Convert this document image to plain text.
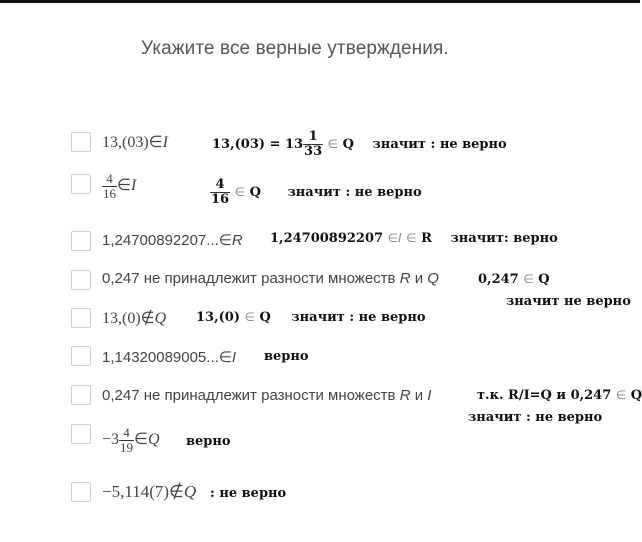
Укажите все верные утверждения.
13,(03)∈I	$13,(03) = 13 \frac{1}{33}$ ∈ Q значит : не верно
$\frac{4}{16}$ ∈I	$\frac{4}{16}$ ∈ Q значит : не верно
1,24700892207...∈R 1,24700892207 ∈I ∈ R значит: верно
0,247 не принадлежит разности множеств R и Q	0,247 ∈ Q
значит не верно
13,(0)∉Q 13,(0) ∈ Q значит : не верно
1,14320089005...∈I верно
0,247 не принадлежит разности множеств R и I	т.к. R/I=Q и 0,247 ∈ Q
значит : не верно
$-3 \frac{4}{19}$ ∈Q верно
−5,114(7)∉Q : не верно
